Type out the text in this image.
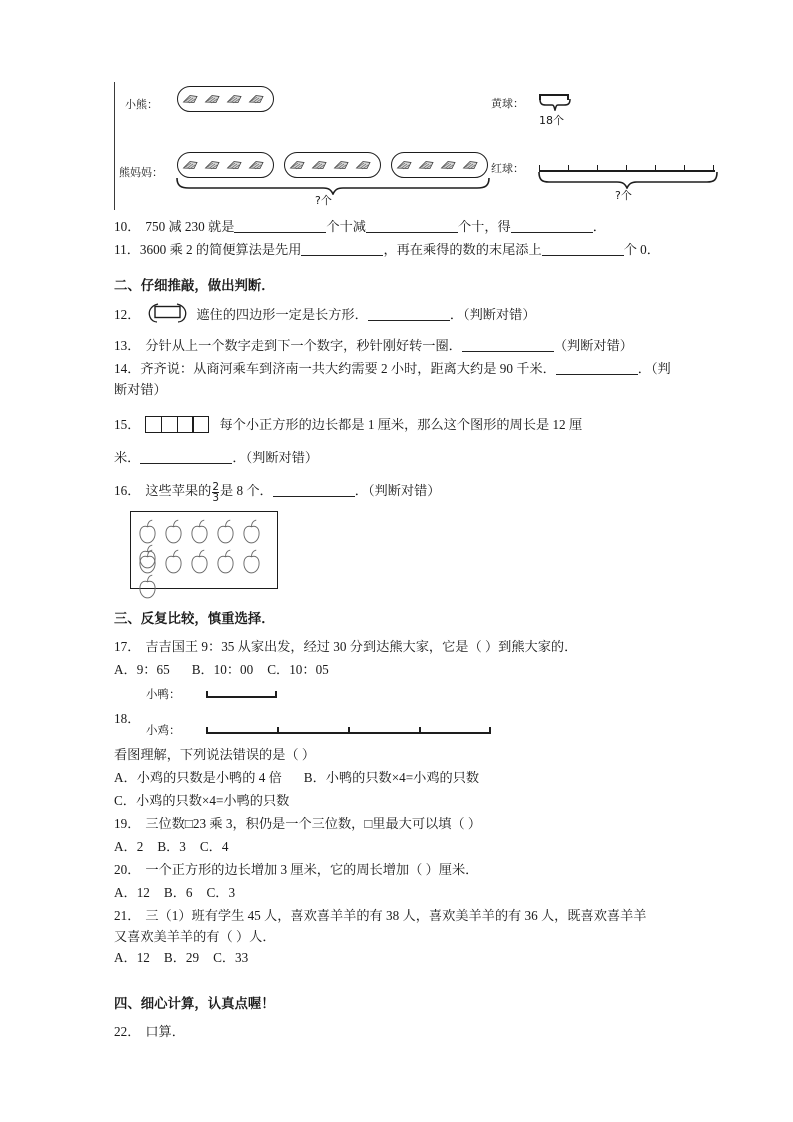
小熊：
熊妈妈：
?个
黄球：
18个
红球：
?个

10． 750 减 230 就是	个十减	个十，得	．

11．3600 乘 2 的简便算法是先用	，再在乘得的数的末尾添上	个 0．

二、仔细推敲，做出判断．

12．	遮住的四边形一定是长方形．	．（判断对错）

13． 分针从上一个数字走到下一个数字，秒针刚好转一圈．	（判断对错）

14．齐齐说：从商河乘车到济南一共大约需要 2 小时，距离大约是 90 千米．	．（判
断对错）

15．	每个小正方形的边长都是 1 厘米，那么这个图形的周长是 12 厘

米．	．（判断对错）

16． 这些苹果的 $\frac{2}{3}$ 是 8 个．	．（判断对错）

三、反复比较，慎重选择．

17． 吉吉国王 9：35 从家出发，经过 30 分到达熊大家，它是（ ）到熊大家的．

A．9：65 B．10：00 C．10：05

18．
小鸭：
小鸡：

看图理解，下列说法错误的是（ ）

A．小鸡的只数是小鸭的 4 倍 B．小鸭的只数×4=小鸡的只数

C．小鸡的只数×4=小鸭的只数

19． 三位数□23 乘 3，积仍是一个三位数，□里最大可以填（ ）

A．2 B．3 C．4

20． 一个正方形的边长增加 3 厘米，它的周长增加（ ）厘米．

A．12 B．6 C．3

21． 三（1）班有学生 45 人，喜欢喜羊羊的有 38 人，喜欢美羊羊的有 36 人，既喜欢喜羊羊
又喜欢美羊羊的有（ ）人．

A．12 B．29 C．33

四、细心计算，认真点喔！

22． 口算．
